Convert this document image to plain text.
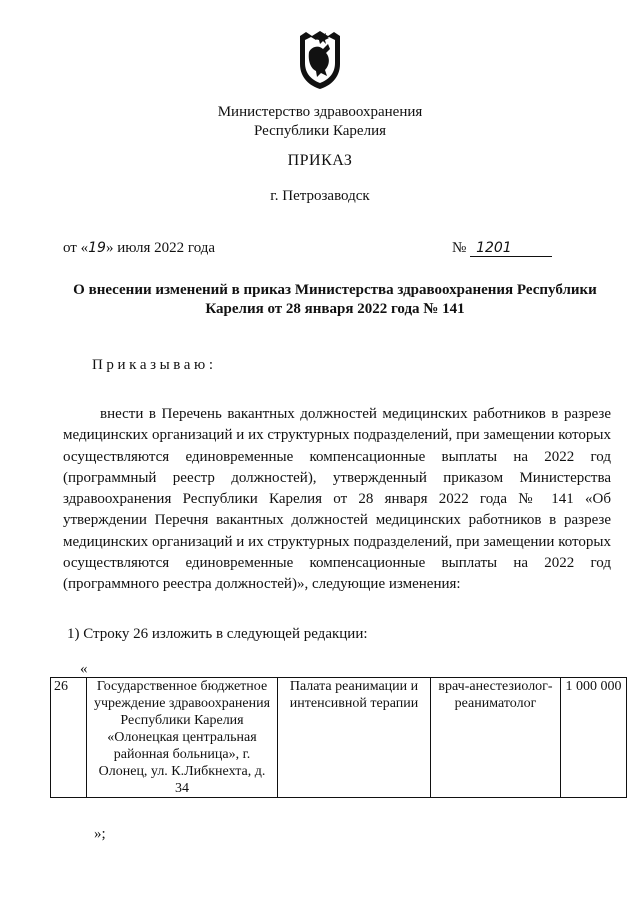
Министерство здравоохранения
Республики Карелия
ПРИКАЗ
г. Петрозаводск
от «19» июля 2022 года	№ 1201
О внесении изменений в приказ Министерства здравоохранения Республики Карелия от 28 января 2022 года № 141
Приказываю:

внести в Перечень вакантных должностей медицинских работников в разрезе медицинских организаций и их структурных подразделений, при замещении которых осуществляются единовременные компенсационные выплаты на 2022 год (программный реестр должностей), утвержденный приказом Министерства здравоохранения Республики Карелия от 28 января 2022 года № 141 «Об утверждении Перечня вакантных должностей медицинских работников в разрезе медицинских организаций и их структурных подразделений, при замещении которых осуществляются единовременные компенсационные выплаты на 2022 год (программного реестра должностей)», следующие изменения:

1) Строку 26 изложить в следующей редакции:
«
26	Государственное бюджетное учреждение здравоохранения Республики Карелия «Олонецкая центральная районная больница», г. Олонец, ул. К.Либкнехта, д. 34	Палата реанимации и интенсивной терапии	врач-анестезиолог-реаниматолог	1 000 000
»;
